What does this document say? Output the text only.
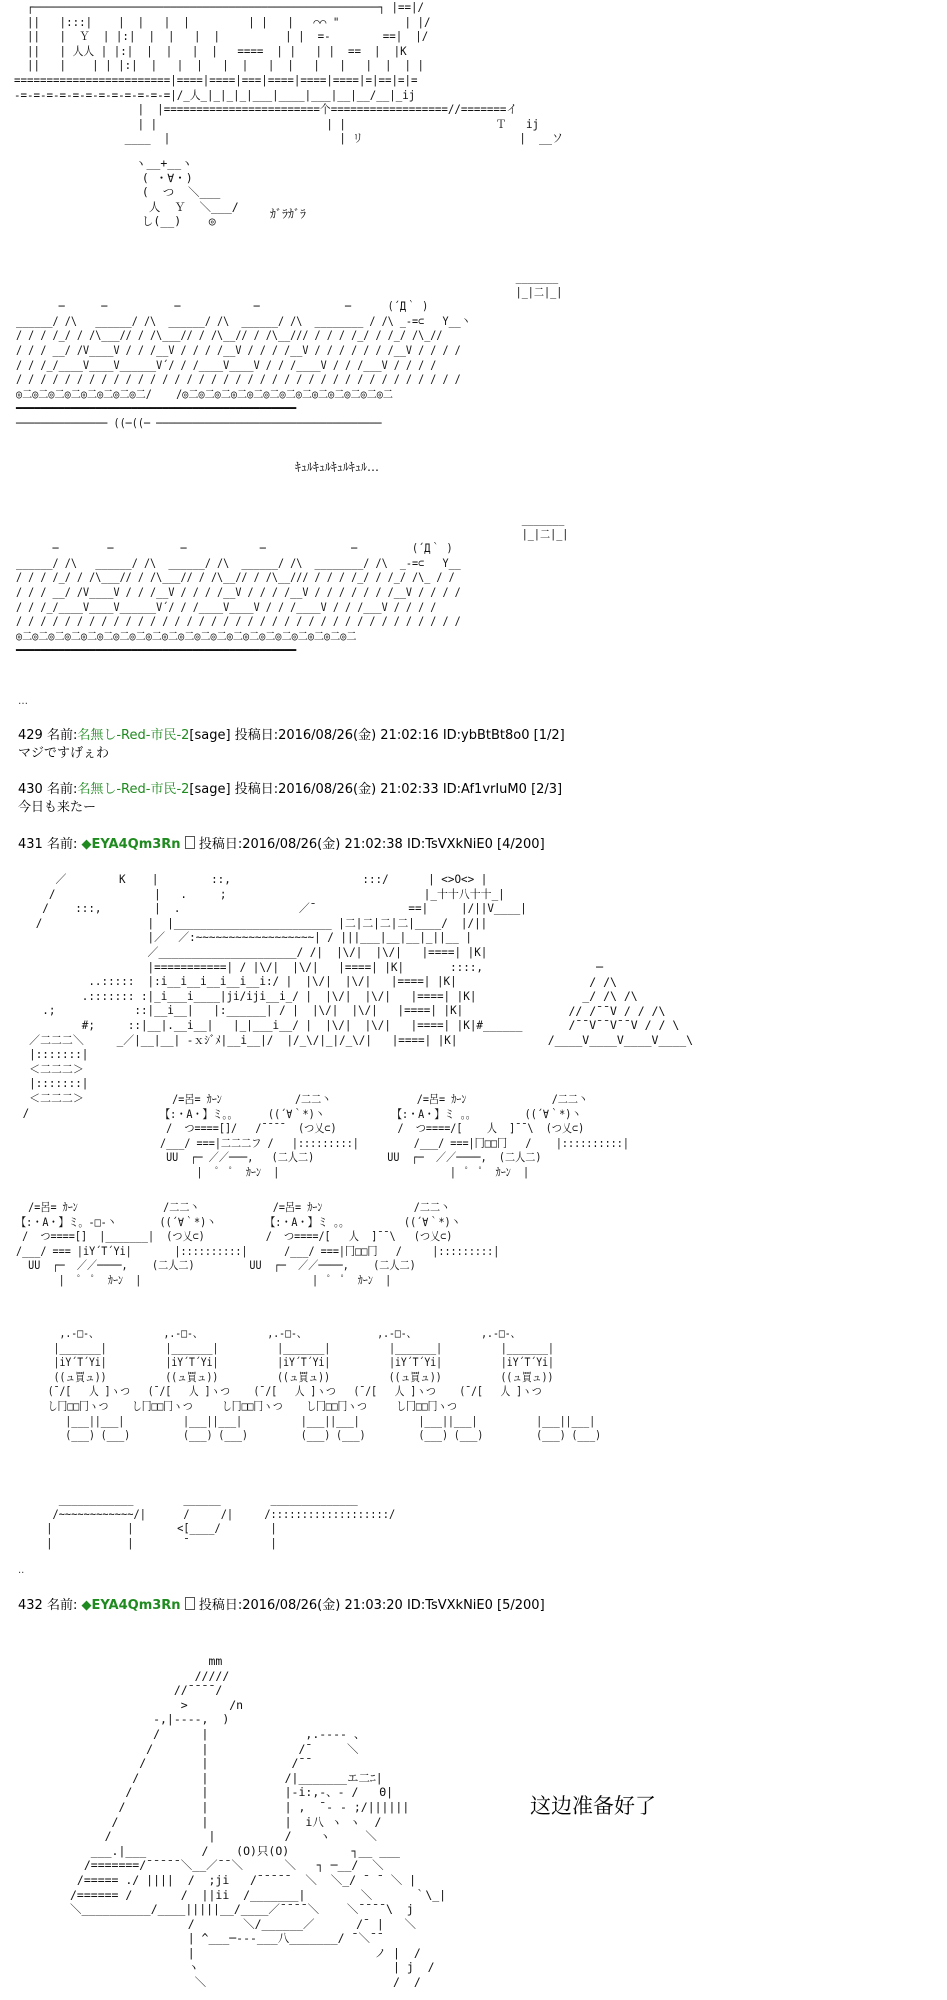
┌─────────────────────────────────────────────────────┐ |==|/
||   |:::|    |  |   |  |         | |   |   ⌒⌒ "          | |/
||   |  Ｙ  | |:|  |  |   |  |          | |  =-        ==|  |/
||   | 人人 | |:|  |  |   |  |   ====  | |   | |  ==  |  |K
||   |    | | |:|  |   |  |   |  |   |  |   |   |   |  |  | |
========================|====|====|===|====|====|====|=|==|=|=
-=-=-=-=-=-=-=-=-=-=-=-=|/_人_|_|_|_|___|____|___|__|__/__|_ij
|  |========================个==================//=======イ
| |                          | |                       Ｔ   ij
____  |                          | リ                        |  __ソ
ヽ__+__ヽ
( ・∀・)
(  つ  ＼___
人  Ｙ  ＼___/
し(__)    ◎
ｶﾞﾗｶﾞﾗ
_______
|_|二|_|
─      ─           ─            ─              ─      (´Д｀ )
______/ /\   ______/ /\  ______/ /\  ______/ /\  ________ / /\ _-=⊂   Y__丶
/ / / /_/ / /\___// / /\___// / /\__// / /\__/// / / / /_/ / /_/ /\_//
/ / / __/ /V____V / / /__V / / / /__V / / / /__V / / / / / / /__V / / / /
/ / /_/____V____V______V´/ / /____V____V / / /____V / / /___V / / / /
/ / / / / / / / / / / / / / / / / / / / / / / / / / / / / / / / / / / / /
◎二◎二◎二◎二◎二◎二◎二◎二/    /◎二◎二◎二◎二◎二◎二◎二◎二◎二◎二◎二◎二◎二
━━━━━━━━━━━━━━━━━━━━━━━━━━━━━━━━━━━━━━━━━━━━━━
─────────────── ((─((─ ─────────────────────────────────────
ｷｭﾙｷｭﾙｷｭﾙｷｭﾙ…
_______
|_|二|_|
─        ─           ─            ─              ─         (´Д｀ )
______/ /\   ______/ /\  ______/ /\  ______/ /\  ________/ /\  _-=⊂   Y__
/ / / /_/ / /\___// / /\___// / /\__// / /\__/// / / / /_/ / /_/ /\_ / /
/ / / __/ /V____V / / /__V / / / /__V / / / /__V / / / / / / /__V / / / /
/ / /_/____V____V______V´/ / /____V____V / / /____V / / /___V / / / /
/ / / / / / / / / / / / / / / / / / / / / / / / / / / / / / / / / / / / /
◎二◎二◎二◎二◎二◎二◎二◎二◎二◎二◎二◎二◎二◎二◎二◎二◎二◎二◎二◎二◎二
━━━━━━━━━━━━━━━━━━━━━━━━━━━━━━━━━━━━━━━━━━━━━━
…
429 名前:名無し-Red-市民-2[sage] 投稿日:2016/08/26(金) 21:02:16 ID:ybBtBt8o0 [1/2]
マジですげぇわ
430 名前:名無し-Red-市民-2[sage] 投稿日:2016/08/26(金) 21:02:33 ID:Af1vrIuM0 [2/3]
今日も来たー
431 名前: ◆EYA4Qm3Rn 投稿日:2016/08/26(金) 21:02:38 ID:TsVXkNiE0 [4/200]
／        K    |        ::,                    :::/      | <>O<> |
/               |   .     ;                              |_十十八十十_|
/    :::,        |  .                  ／¯              ==|     |/||V____|
/                |  |________________________ |二|二|二|二|____/  |/||
|／  ／:~~~~~~~~~~~~~~~~~~| / |||___|__|__|_||__ |
／_____________________/ /|  |\/|  |\/|   |====| |K|
|===========| / |\/|  |\/|   |====| |K|       ::::,
..:::::  |:i__i__i__i__i__i:/ |  |\/|  |\/|   |====| |K|
.::::::: :|_i___i____|ji/iji__i_/ |  |\/|  |\/|   |====| |K|
.;            ::|__i__|   |:______| / |  |\/|  |\/|   |====| |K|
#;     ::|__|.__i__|   |_|___i__/ |  |\/|  |\/|   |====| |K|#______
／二二二＼     _／|__|__| -ｘｼﾞﾒ|__i__|/  |/_\/|_|/_\/|   |====| |K|
|:::::::|
＜二二二＞
|:::::::|
＜二二二＞
/
─
/ /\
_/ /\ /\
// /¯¯V / / /\
/¯¯V¯¯V¯¯V / / \
/____V____V____V____\
/=呂= ｶｰﾝ            /二二丶              /=呂= ｶｰﾝ              /二二丶
【:・A・】ミ。。     ((´∀｀*)丶           【:・A・】ミ 。。        ((´∀｀*)丶
/  つ====[]/   /¯¯¯¯  (つ乂⊂)          /  つ====/[    人  ]¯¯\  (つ乂⊂)
/___/ ===|二二二フ /   |:::::::::|         /___/ ===|冂□□冂   /    |::::::::::|
UU  ┌─ ／／───,   (二人二)            UU  ┌─  ／／────,  (二人二)
|  ﾟ  ﾟ  ｶｰﾝ  |                            |  ﾟ  ﾟ  ｶｰﾝ  |
/=呂= ｶｰﾝ              /二二丶            /=呂= ｶｰﾝ               /二二丶
【:・A・】ミ。-□-丶       ((´∀｀*)丶        【:・A・】ミ 。。         ((´∀｀*)丶
/  つ====[]  |_______|  (つ乂⊂)          /  つ====/[   人  ]¯¯\   (つ乂⊂)
/___/ === |iY´T´Yi|       |::::::::::|      /___/ ===|冂□□冂   /     |:::::::::|
UU  ┌─  ／／────,    (二人二)         UU  ┌─  ／／────,    (二人二)
|  ﾟ  ﾟ  ｶｰﾝ  |                            |  ﾟ  ﾟ  ｶｰﾝ  |
,.-□-、           ,.-□-、           ,.-□-、            ,.-□-、           ,.-□-、
|_______|          |_______|          |_______|          |_______|          |_______|
|iY´T´Yi|          |iY´T´Yi|          |iY´T´Yi|          |iY´T´Yi|          |iY´T´Yi|
((ュ買ュ))          ((ュ買ュ))          ((ュ買ュ))          ((ュ買ュ))          ((ュ買ュ))
(¯/[   人 ]ヽつ   (¯/[   人 ]ヽつ    (¯/[   人 ]ヽつ   (¯/[   人 ]ヽつ    (¯/[   人 ]ヽつ
し冂□□冂ヽつ    し冂□□冂ヽつ     し冂□□冂ヽつ    し冂□□冂ヽつ     し冂□□冂ヽつ
|___||___|          |___||___|          |___||___|          |___||___|          |___||___|
(___) (___)         (___) (___)         (___) (___)         (___) (___)         (___) (___)
____________        ______        ______________
/~~~~~~~~~~~~/|      /     /|     /:::::::::::::::::::/
|            |       <[____/        |
|            |        ¯             |
..
432 名前: ◆EYA4Qm3Rn 投稿日:2016/08/26(金) 21:03:20 ID:TsVXkNiE0 [5/200]
mm
/////
//¯¯¯¯/
>      /n
-,|----,  )
/      |              ,.---- 、
/       |             /¯     ＼
/        |            /¯¯
/         |           /|_______エ二ﾆ|
/          |           |-i:,-、- /   Θ|
/           |           | ,  ¯- - ;/||||||
/            |           |  i八 ヽ ヽ  /
/              |          /    ヽ     ＼
___.|___        /    (O)只(O)         ┐__ ___
/=======/¯¯¯¯¯＼__／¯¯＼      ＼   ┐ ─__/  ＼
/===== ./ ||||  /  ;ji   /¯¯¯¯¯  ＼  ＼_/ ¯ ¯ ＼ |
/====== /       /  ||ii  /_______|        ＼      ｀\_|
＼__________/____|||||__/____／¯¯¯¯＼    ＼¯¯¯¯\  j
/       ＼/______／      /¯ |   ＼
| ^___─---___八_______/ ¯＼¯¯
|                          ノ |  /
ヽ                            | j  /
＼                           /  /
这边准备好了
